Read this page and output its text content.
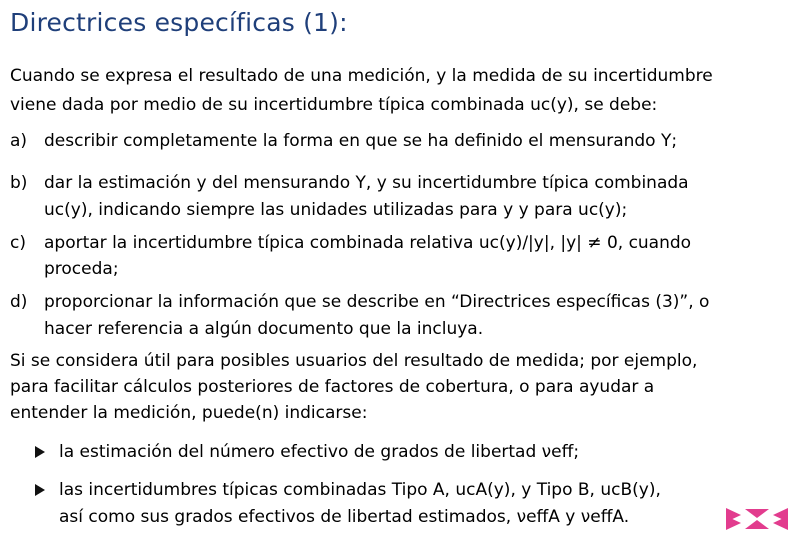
Directrices específicas (1):
Cuando se expresa el resultado de una medición, y la medida de su incertidumbre
viene dada por medio de su incertidumbre típica combinada uc(y), se debe:
a) describir completamente la forma en que se ha definido el mensurando Y;
b) dar la estimación y del mensurando Y, y su incertidumbre típica combinada
uc(y), indicando siempre las unidades utilizadas para y y para uc(y);
c) aportar la incertidumbre típica combinada relativa uc(y)/|y|, |y| ≠ 0, cuando
proceda;
d) proporcionar la información que se describe en “Directrices específicas (3)”, o
hacer referencia a algún documento que la incluya.
Si se considera útil para posibles usuarios del resultado de medida; por ejemplo,
para facilitar cálculos posteriores de factores de cobertura, o para ayudar a
entender la medición, puede(n) indicarse:
la estimación del número efectivo de grados de libertad νeff;
las incertidumbres típicas combinadas Tipo A, ucA(y), y Tipo B, ucB(y),
así como sus grados efectivos de libertad estimados, νeffA y νeffA.
